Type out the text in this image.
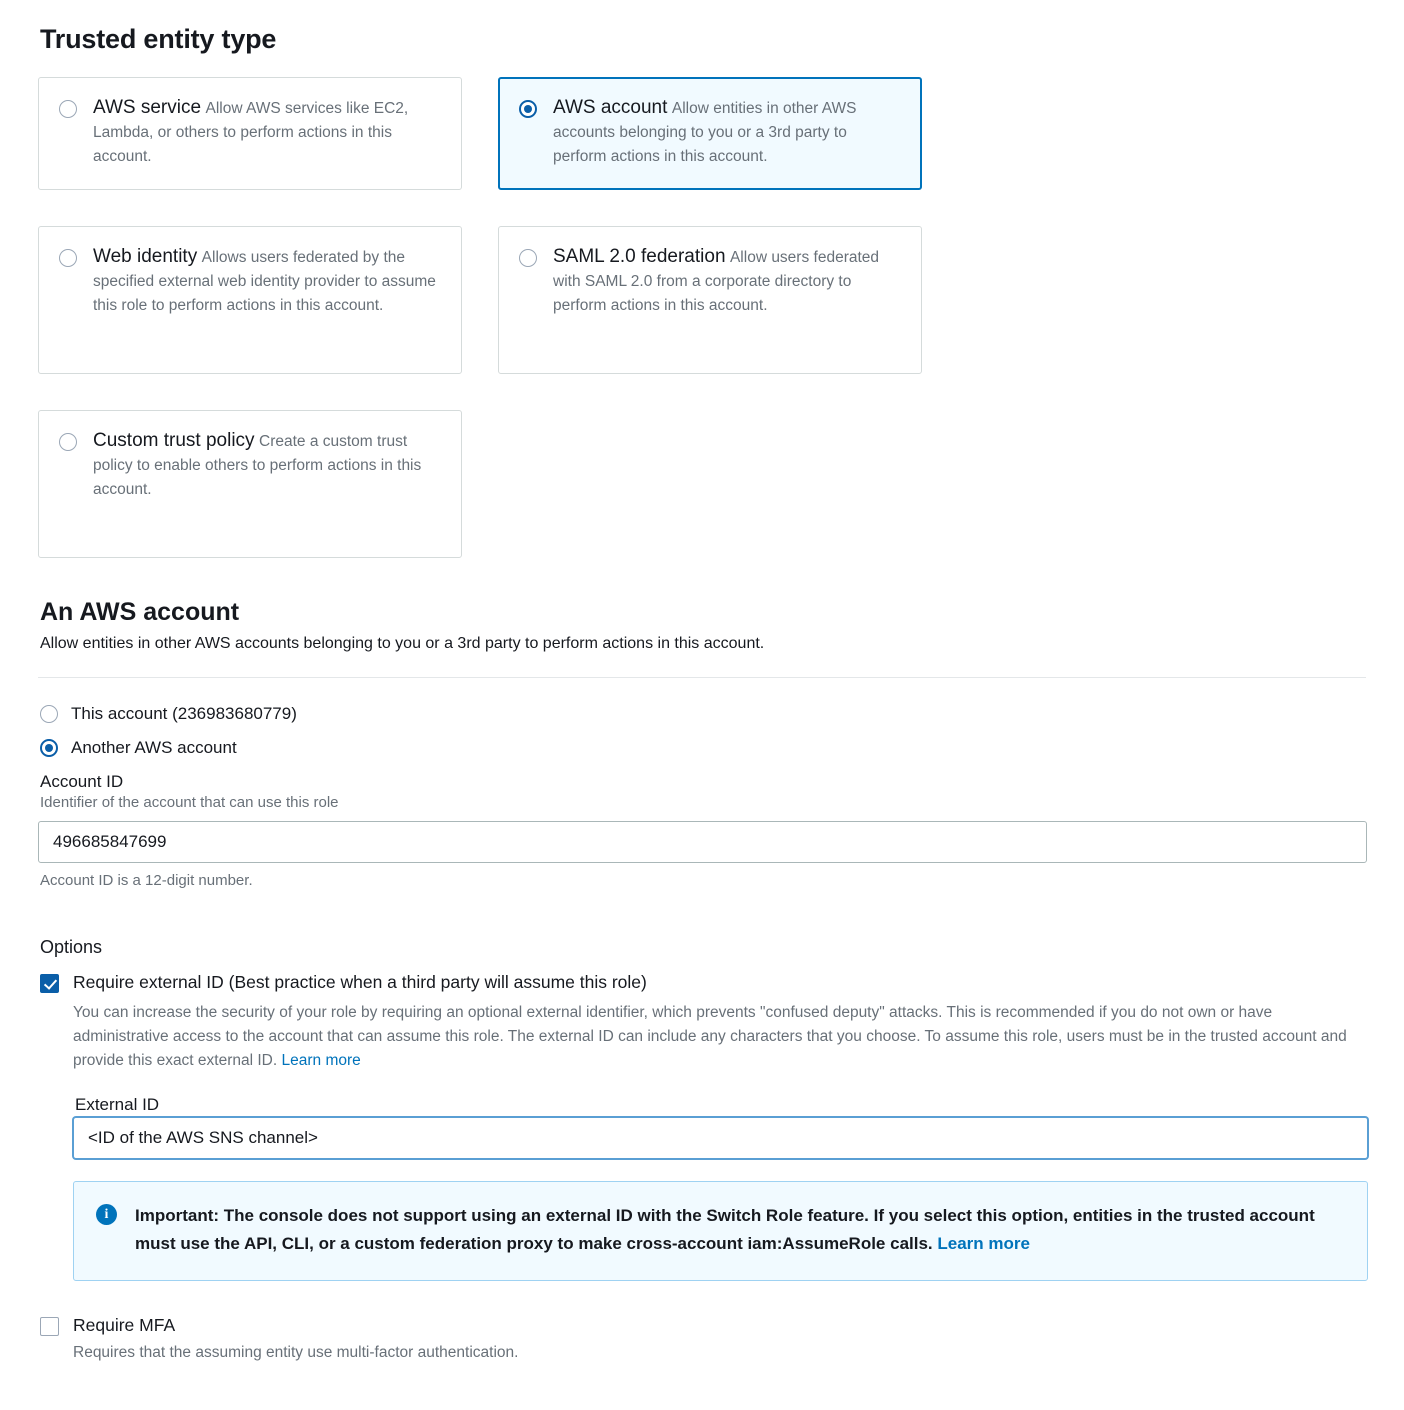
Trusted entity type
AWS service Allow AWS services like EC2, Lambda, or others to perform actions in this account.
AWS account Allow entities in other AWS accounts belonging to you or a 3rd party to perform actions in this account.
Web identity Allows users federated by the specified external web identity provider to assume this role to perform actions in this account.
SAML 2.0 federation Allow users federated with SAML 2.0 from a corporate directory to perform actions in this account.
Custom trust policy Create a custom trust policy to enable others to perform actions in this account.
An AWS account

Allow entities in other AWS accounts belonging to you or a 3rd party to perform actions in this account.

This account (236983680779)
Another AWS account
Account ID
Identifier of the account that can use this role
496685847699
Account ID is a 12-digit number.
Options
Require external ID (Best practice when a third party will assume this role)
You can increase the security of your role by requiring an optional external identifier, which prevents "confused deputy" attacks. This is recommended if you do not own or have administrative access to the account that can assume this role. The external ID can include any characters that you choose. To assume this role, users must be in the trusted account and provide this exact external ID. Learn more
External ID
<ID of the AWS SNS channel>
i	Important: The console does not support using an external ID with the Switch Role feature. If you select this option, entities in the trusted account must use the API, CLI, or a custom federation proxy to make cross-account iam:AssumeRole calls. Learn more
Require MFA
Requires that the assuming entity use multi-factor authentication.
